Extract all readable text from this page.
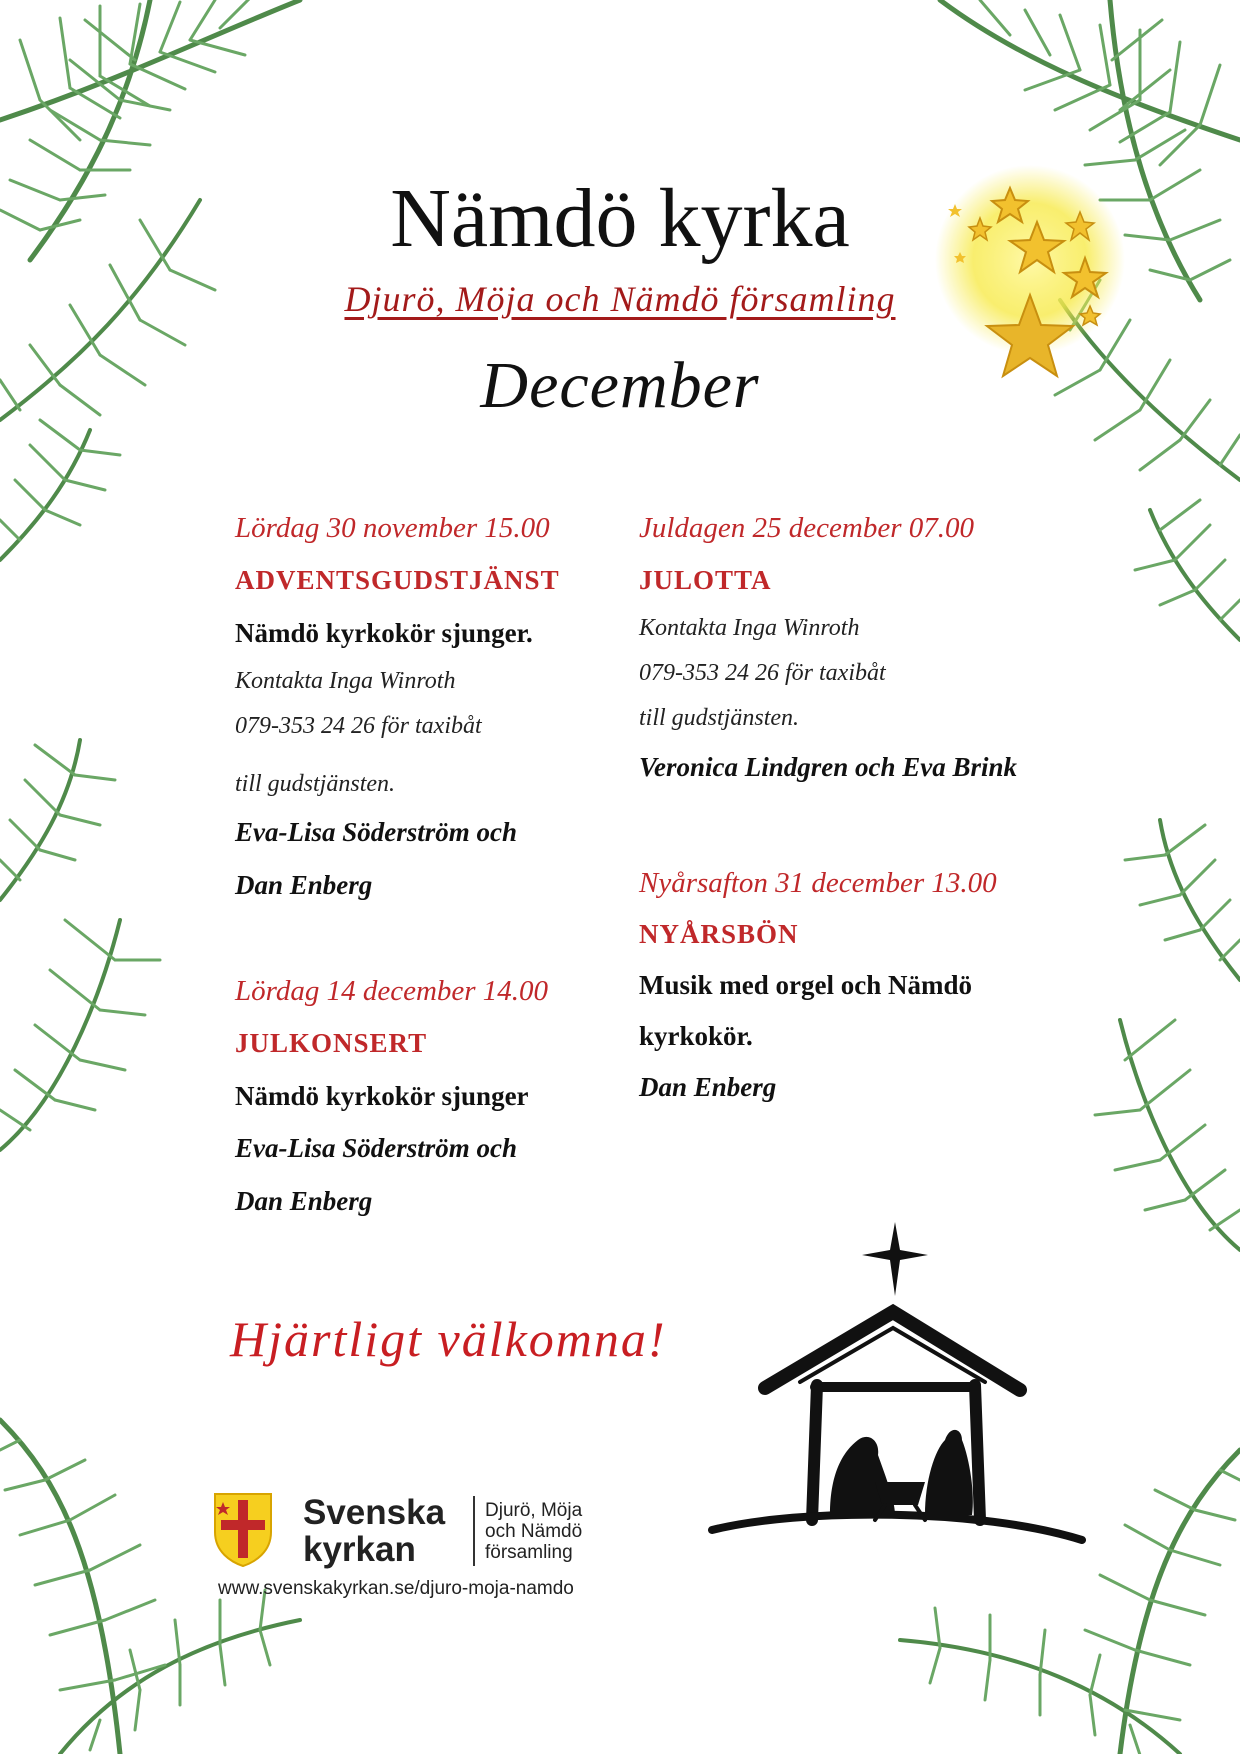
Nämdö kyrka
Djurö, Möja och Nämdö församling
December
Lördag 30 november 15.00
ADVENTSGUDSTJÄNST
Nämdö kyrkokör sjunger.
Kontakta Inga Winroth
079-353 24 26 för taxibåt
till gudstjänsten.
Eva-Lisa Söderström och
Dan Enberg
Lördag 14 december 14.00
JULKONSERT
Nämdö kyrkokör sjunger
Eva-Lisa Söderström och
Dan Enberg
Juldagen 25 december 07.00
JULOTTA
Kontakta Inga Winroth
079-353 24 26 för taxibåt
till gudstjänsten.
Veronica Lindgren och Eva Brink
Nyårsafton 31 december 13.00
NYÅRSBÖN
Musik med orgel och Nämdö
kyrkokör.
Dan Enberg
Hjärtligt välkomna!
Svenska
kyrkan
Djurö, Möja
och Nämdö
församling
www.svenskakyrkan.se/djuro-moja-namdo
